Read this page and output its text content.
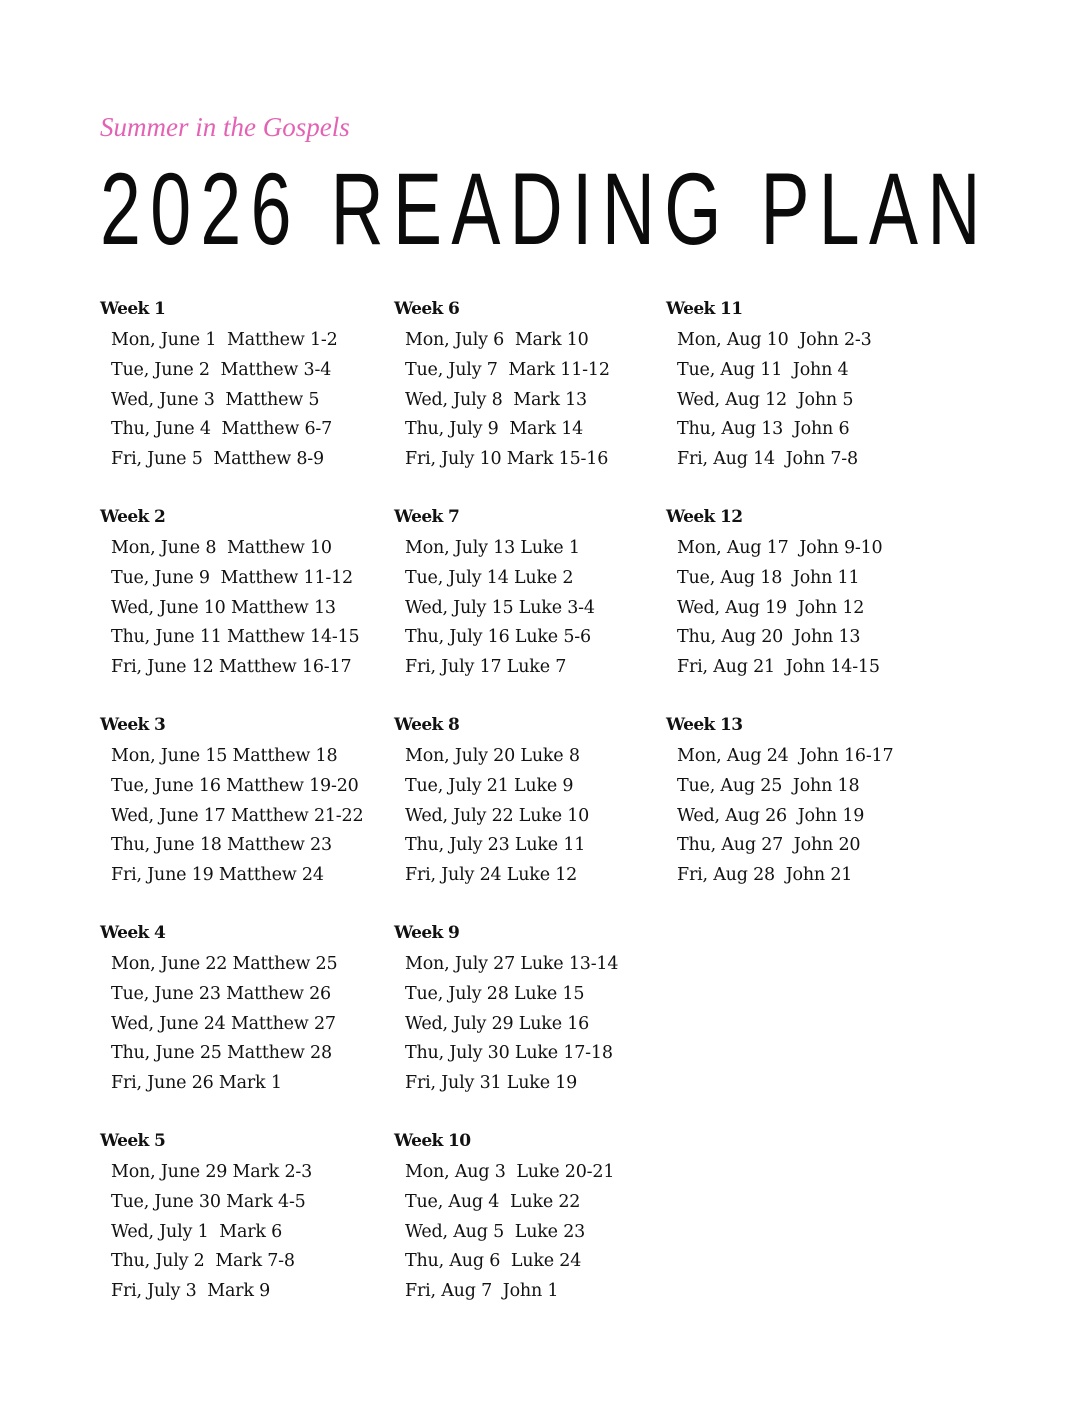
Summer in the Gospels
2026 READING PLAN
Week 1
Mon, June 1  Matthew 1-2
Tue, June 2  Matthew 3-4
Wed, June 3  Matthew 5
Thu, June 4  Matthew 6-7
Fri, June 5  Matthew 8-9
Week 2
Mon, June 8  Matthew 10
Tue, June 9  Matthew 11-12
Wed, June 10 Matthew 13
Thu, June 11 Matthew 14-15
Fri, June 12 Matthew 16-17
Week 3
Mon, June 15 Matthew 18
Tue, June 16 Matthew 19-20
Wed, June 17 Matthew 21-22
Thu, June 18 Matthew 23
Fri, June 19 Matthew 24
Week 4
Mon, June 22 Matthew 25
Tue, June 23 Matthew 26
Wed, June 24 Matthew 27
Thu, June 25 Matthew 28
Fri, June 26 Mark 1
Week 5
Mon, June 29 Mark 2-3
Tue, June 30 Mark 4-5
Wed, July 1  Mark 6
Thu, July 2  Mark 7-8
Fri, July 3  Mark 9
Week 6
Mon, July 6  Mark 10
Tue, July 7  Mark 11-12
Wed, July 8  Mark 13
Thu, July 9  Mark 14
Fri, July 10 Mark 15-16
Week 7
Mon, July 13 Luke 1
Tue, July 14 Luke 2
Wed, July 15 Luke 3-4
Thu, July 16 Luke 5-6
Fri, July 17 Luke 7
Week 8
Mon, July 20 Luke 8
Tue, July 21 Luke 9
Wed, July 22 Luke 10
Thu, July 23 Luke 11
Fri, July 24 Luke 12
Week 9
Mon, July 27 Luke 13-14
Tue, July 28 Luke 15
Wed, July 29 Luke 16
Thu, July 30 Luke 17-18
Fri, July 31 Luke 19
Week 10
Mon, Aug 3  Luke 20-21
Tue, Aug 4  Luke 22
Wed, Aug 5  Luke 23
Thu, Aug 6  Luke 24
Fri, Aug 7  John 1
Week 11
Mon, Aug 10  John 2-3
Tue, Aug 11  John 4
Wed, Aug 12  John 5
Thu, Aug 13  John 6
Fri, Aug 14  John 7-8
Week 12
Mon, Aug 17  John 9-10
Tue, Aug 18  John 11
Wed, Aug 19  John 12
Thu, Aug 20  John 13
Fri, Aug 21  John 14-15
Week 13
Mon, Aug 24  John 16-17
Tue, Aug 25  John 18
Wed, Aug 26  John 19
Thu, Aug 27  John 20
Fri, Aug 28  John 21
